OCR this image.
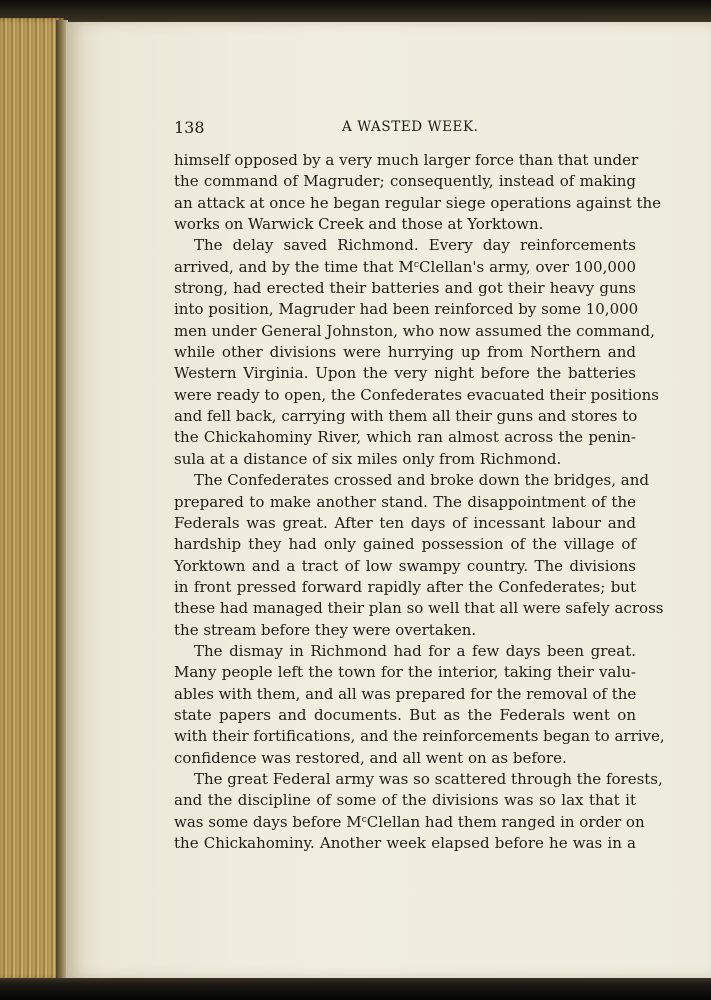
138	A WASTED WEEK.
himself opposed by a very much larger force than that under
the command of Magruder; consequently, instead of making
an attack at once he began regular siege operations against the
works on Warwick Creek and those at Yorktown.
The delay saved Richmond. Every day reinforcements
arrived, and by the time that $M^cClellan's$ army, over 100,000
strong, had erected their batteries and got their heavy guns
into position, Magruder had been reinforced by some 10,000
men under General Johnston, who now assumed the command,
while other divisions were hurrying up from Northern and
Western Virginia. Upon the very night before the batteries
were ready to open, the Confederates evacuated their positions
and fell back, carrying with them all their guns and stores to
the Chickahominy River, which ran almost across the penin-
sula at a distance of six miles only from Richmond.
The Confederates crossed and broke down the bridges, and
prepared to make another stand. The disappointment of the
Federals was great. After ten days of incessant labour and
hardship they had only gained possession of the village of
Yorktown and a tract of low swampy country. The divisions
in front pressed forward rapidly after the Confederates; but
these had managed their plan so well that all were safely across
the stream before they were overtaken.
The dismay in Richmond had for a few days been great.
Many people left the town for the interior, taking their valu-
ables with them, and all was prepared for the removal of the
state papers and documents. But as the Federals went on
with their fortifications, and the reinforcements began to arrive,
confidence was restored, and all went on as before.
The great Federal army was so scattered through the forests,
and the discipline of some of the divisions was so lax that it
was some days before $M^cClellan$ had them ranged in order on
the Chickahominy. Another week elapsed before he was in a
